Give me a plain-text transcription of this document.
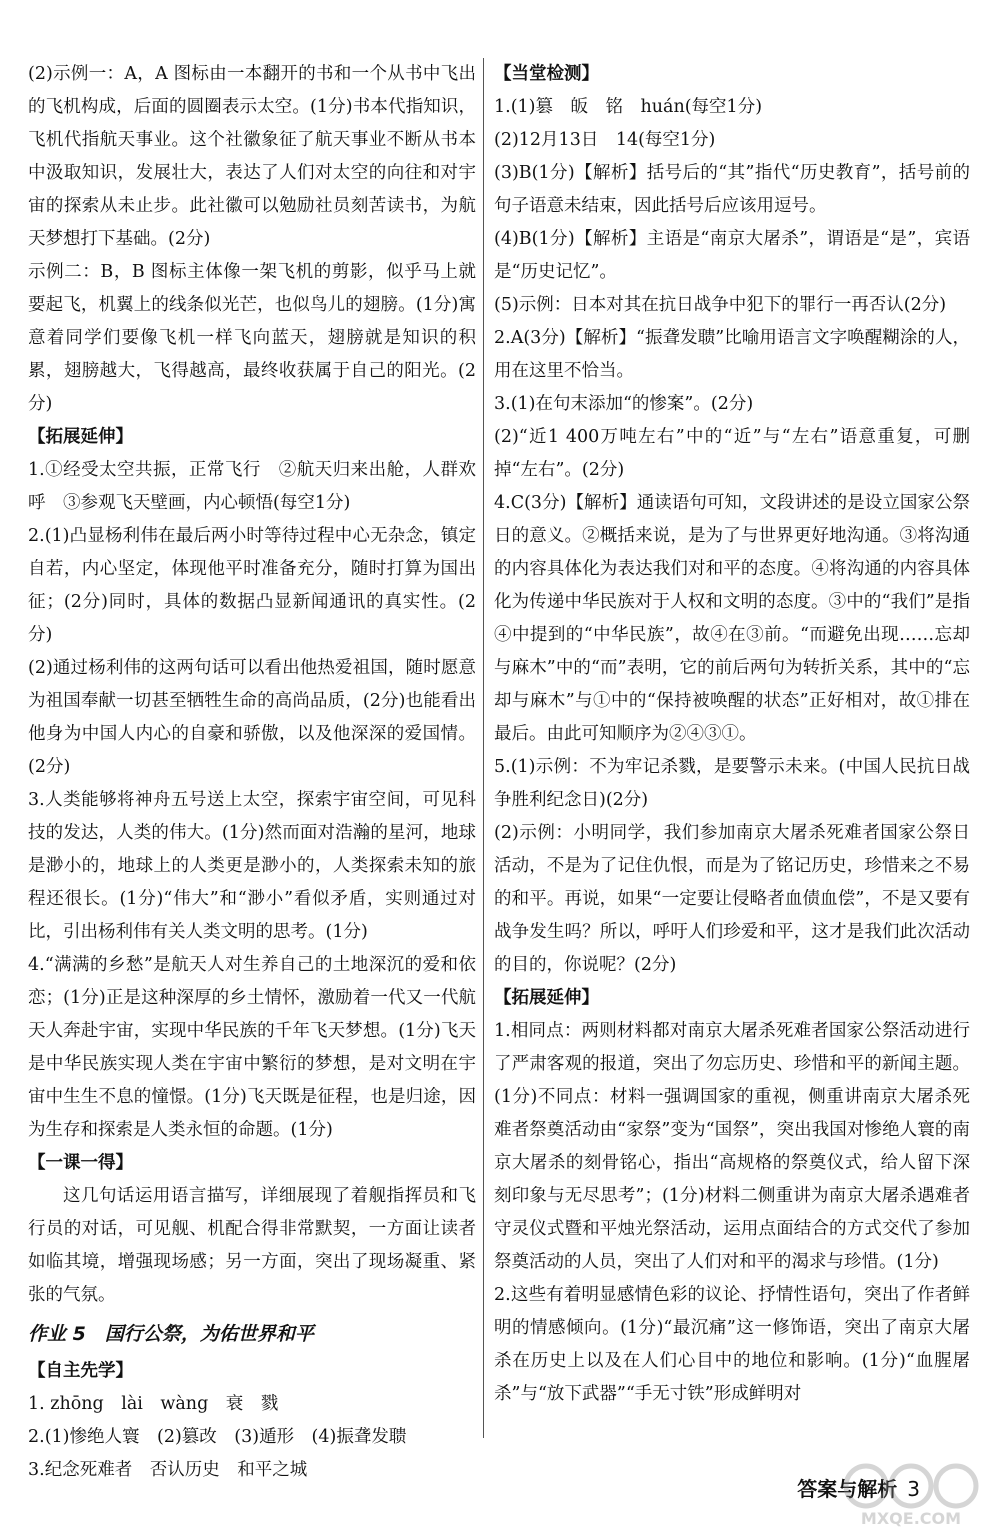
(2)示例一：A，A 图标由一本翻开的书和一个从书中飞出的飞机构成，后面的圆圈表示太空。(1分)书本代指知识，飞机代指航天事业。这个社徽象征了航天事业不断从书本中汲取知识，发展壮大，表达了人们对太空的向往和对宇宙的探索从未止步。此社徽可以勉励社员刻苦读书，为航天梦想打下基础。(2分)

示例二：B，B 图标主体像一架飞机的剪影，似乎马上就要起飞，机翼上的线条似光芒，也似鸟儿的翅膀。(1分)寓意着同学们要像飞机一样飞向蓝天，翅膀就是知识的积累，翅膀越大，飞得越高，最终收获属于自己的阳光。(2分)

【拓展延伸】

1.①经受太空共振，正常飞行　②航天归来出舱，人群欢呼　③参观飞天壁画，内心顿悟(每空1分)

2.(1)凸显杨利伟在最后两小时等待过程中心无杂念，镇定自若，内心坚定，体现他平时准备充分，随时打算为国出征；(2分)同时，具体的数据凸显新闻通讯的真实性。(2分)

(2)通过杨利伟的这两句话可以看出他热爱祖国，随时愿意为祖国奉献一切甚至牺牲生命的高尚品质，(2分)也能看出他身为中国人内心的自豪和骄傲，以及他深深的爱国情。(2分)

3.人类能够将神舟五号送上太空，探索宇宙空间，可见科技的发达，人类的伟大。(1分)然而面对浩瀚的星河，地球是渺小的，地球上的人类更是渺小的，人类探索未知的旅程还很长。(1分)“伟大”和“渺小”看似矛盾，实则通过对比，引出杨利伟有关人类文明的思考。(1分)

4.“满满的乡愁”是航天人对生养自己的土地深沉的爱和依恋；(1分)正是这种深厚的乡土情怀，激励着一代又一代航天人奔赴宇宙，实现中华民族的千年飞天梦想。(1分)飞天是中华民族实现人类在宇宙中繁衍的梦想，是对文明在宇宙中生生不息的憧憬。(1分)飞天既是征程，也是归途，因为生存和探索是人类永恒的命题。(1分)

【一课一得】

这几句话运用语言描写，详细展现了着舰指挥员和飞行员的对话，可见舰、机配合得非常默契，一方面让读者如临其境，增强现场感；另一方面，突出了现场凝重、紧张的气氛。

作业 5　国行公祭，为佑世界和平

【自主先学】

1. zhōng　lài　wàng　衰　戮

2.(1)惨绝人寰　(2)篡改　(3)遁形　(4)振聋发聩

3.纪念死难者　否认历史　和平之城

【当堂检测】

1.(1)篡　皈　铭　huán(每空1分)

(2)12月13日　14(每空1分)

(3)B(1分)【解析】括号后的“其”指代“历史教育”，括号前的句子语意未结束，因此括号后应该用逗号。

(4)B(1分)【解析】主语是“南京大屠杀”，谓语是“是”，宾语是“历史记忆”。

(5)示例：日本对其在抗日战争中犯下的罪行一再否认(2分)

2.A(3分)【解析】“振聋发聩”比喻用语言文字唤醒糊涂的人，用在这里不恰当。

3.(1)在句末添加“的惨案”。(2分)

(2)“近1 400万吨左右”中的“近”与“左右”语意重复，可删掉“左右”。(2分)

4.C(3分)【解析】通读语句可知，文段讲述的是设立国家公祭日的意义。②概括来说，是为了与世界更好地沟通。③将沟通的内容具体化为表达我们对和平的态度。④将沟通的内容具体化为传递中华民族对于人权和文明的态度。③中的“我们”是指④中提到的“中华民族”，故④在③前。“而避免出现……忘却与麻木”中的“而”表明，它的前后两句为转折关系，其中的“忘却与麻木”与①中的“保持被唤醒的状态”正好相对，故①排在最后。由此可知顺序为②④③①。

5.(1)示例：不为牢记杀戮，是要警示未来。(中国人民抗日战争胜利纪念日)(2分)

(2)示例：小明同学，我们参加南京大屠杀死难者国家公祭日活动，不是为了记住仇恨，而是为了铭记历史，珍惜来之不易的和平。再说，如果“一定要让侵略者血债血偿”，不是又要有战争发生吗？所以，呼吁人们珍爱和平，这才是我们此次活动的目的，你说呢？(2分)

【拓展延伸】

1.相同点：两则材料都对南京大屠杀死难者国家公祭活动进行了严肃客观的报道，突出了勿忘历史、珍惜和平的新闻主题。(1分)不同点：材料一强调国家的重视，侧重讲南京大屠杀死难者祭奠活动由“家祭”变为“国祭”，突出我国对惨绝人寰的南京大屠杀的刻骨铭心，指出“高规格的祭奠仪式，给人留下深刻印象与无尽思考”；(1分)材料二侧重讲为南京大屠杀遇难者守灵仪式暨和平烛光祭活动，运用点面结合的方式交代了参加祭奠活动的人员，突出了人们对和平的渴求与珍惜。(1分)

2.这些有着明显感情色彩的议论、抒情性语句，突出了作者鲜明的情感倾向。(1分)“最沉痛”这一修饰语，突出了南京大屠杀在历史上以及在人们心目中的地位和影响。(1分)“血腥屠杀”与“放下武器”“手无寸铁”形成鲜明对

答案与解析 3
MXQE.COM
